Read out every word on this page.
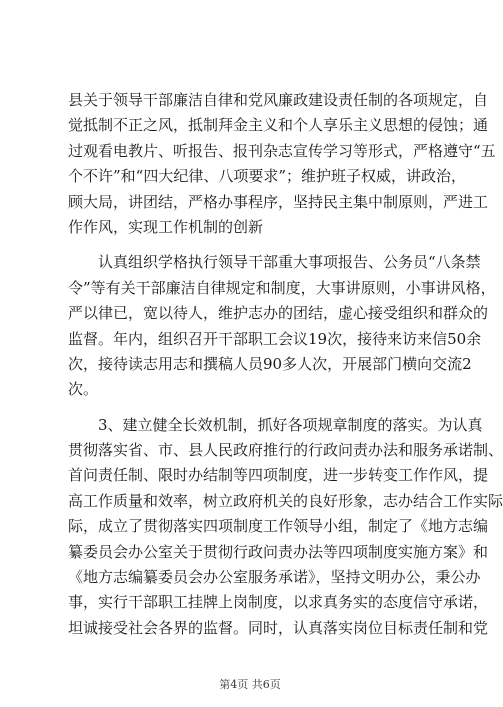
县关于领导干部廉洁自律和党风廉政建设责任制的各项规定，自
觉抵制不正之风，抵制拜金主义和个人享乐主义思想的侵蚀；通
过观看电教片、听报告、报刊杂志宣传学习等形式，严格遵守“五
个不许”和“四大纪律、八项要求”；维护班子权威，讲政治，
顾大局，讲团结，严格办事程序，坚持民主集中制原则，严进工
作作风，实现工作机制的创新
认真组织学格执行领导干部重大事项报告、公务员“八条禁
令”等有关干部廉洁自律规定和制度，大事讲原则，小事讲风格，
严以律已，宽以待人，维护志办的团结，虚心接受组织和群众的
监督。年内，组织召开干部职工会议19次，接待来访来信50余
次，接待读志用志和撰稿人员90多人次，开展部门横向交流2
次。
3、建立健全长效机制，抓好各项规章制度的落实。为认真
贯彻落实省、市、县人民政府推行的行政问责办法和服务承诺制、
首问责任制、限时办结制等四项制度，进一步转变工作作风，提
高工作质量和效率，树立政府机关的良好形象，志办结合工作实际
际，成立了贯彻落实四项制度工作领导小组，制定了《地方志编
纂委员会办公室关于贯彻行政问责办法等四项制度实施方案》和
《地方志编纂委员会办公室服务承诺》，坚持文明办公，秉公办
事，实行干部职工挂牌上岗制度，以求真务实的态度信守承诺，
坦诚接受社会各界的监督。同时，认真落实岗位目标责任制和党
第4页 共6页
